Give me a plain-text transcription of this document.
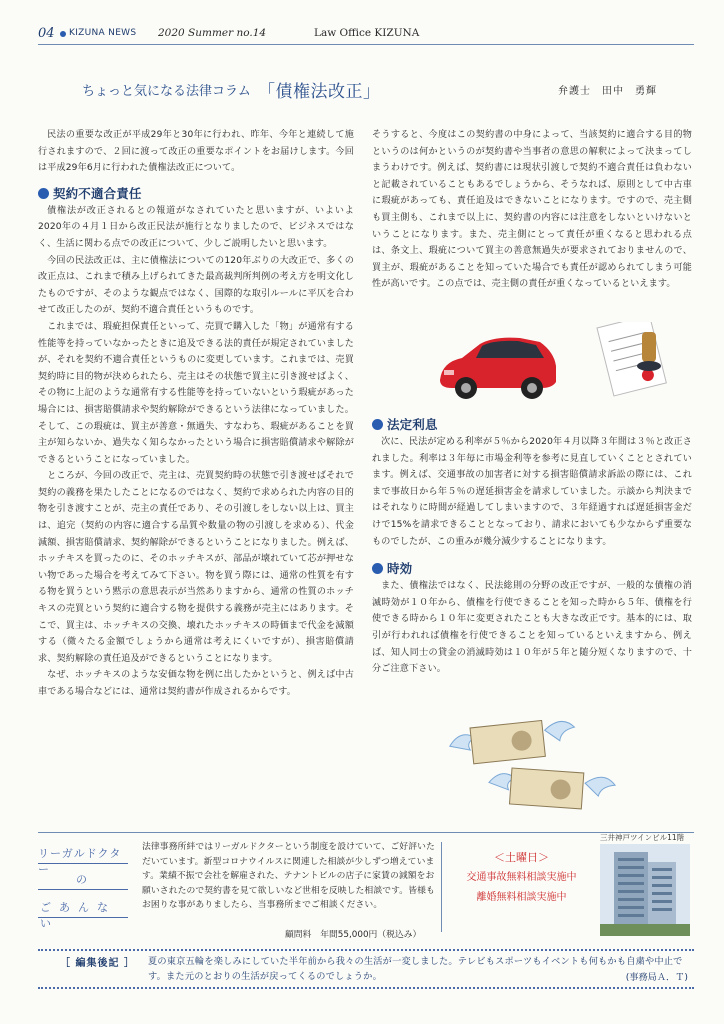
04 KIZUNA NEWS 2020 Summer no.14	Law Office KIZUNA
ちょっと気になる法律コラム 「債権法改正」	弁護士　田中　勇輝

民法の重要な改正が平成29年と30年に行われ、昨年、今年と連続して施行されますので、２回に渡って改正の重要なポイントをお届けします。今回は平成29年6月に行われた債権法改正について。

契約不適合責任

債権法が改正されるとの報道がなされていたと思いますが、いよいよ2020年の４月１日から改正民法が施行となりましたので、ビジネスではなく、生活に関わる点での改正について、少しご説明したいと思います。

今回の民法改正は、主に債権法についての120年ぶりの大改正で、多くの改正点は、これまで積み上げられてきた最高裁判所判例の考え方を明文化したものですが、そのような観点ではなく、国際的な取引ルールに平仄を合わせて改正したのが、契約不適合責任というものです。

これまでは、瑕疵担保責任といって、売買で購入した「物」が通常有する性能等を持っていなかったときに追及できる法的責任が規定されていましたが、それを契約不適合責任というものに変更しています。これまでは、売買契約時に目的物が決められたら、売主はその状態で買主に引き渡せばよく、その物に上記のような通常有する性能等を持っていないという瑕疵があった場合には、損害賠償請求や契約解除ができるという法律になっていました。そして、この瑕疵は、買主が善意・無過失、すなわち、瑕疵があることを買主が知らないか、過失なく知らなかったという場合に損害賠償請求や解除ができるということになっていました。

ところが、今回の改正で、売主は、売買契約時の状態で引き渡せばそれで契約の義務を果たしたことになるのではなく、契約で求められた内容の目的物を引き渡すことが、売主の責任であり、その引渡しをしない以上は、買主は、追完（契約の内容に適合する品質や数量の物の引渡しを求める）、代金減額、損害賠償請求、契約解除ができるということになりました。例えば、ホッチキスを買ったのに、そのホッチキスが、部品が壊れていて芯が押せない物であった場合を考えてみて下さい。物を買う際には、通常の性質を有する物を買うという黙示の意思表示が当然ありますから、通常の性質のホッチキスの売買という契約に適合する物を提供する義務が売主にはあります。そこで、買主は、ホッチキスの交換、壊れたホッチキスの時価まで代金を減額する（微々たる金額でしょうから通常は考えにくいですが）、損害賠償請求、契約解除の責任追及ができるということになります。

なぜ、ホッチキスのような安価な物を例に出したかというと、例えば中古車である場合などには、通常は契約書が作成されるからです。

そうすると、今度はこの契約書の中身によって、当該契約に適合する目的物というのは何かというのが契約書や当事者の意思の解釈によって決まってしまうわけです。例えば、契約書には現状引渡しで契約不適合責任は負わないと記載されていることもあるでしょうから、そうなれば、原則として中古車に瑕疵があっても、責任追及はできないことになります。ですので、売主側も買主側も、これまで以上に、契約書の内容には注意をしないといけないということになります。また、売主側にとって責任が重くなると思われる点は、条文上、瑕疵について買主の善意無過失が要求されておりませんので、買主が、瑕疵があることを知っていた場合でも責任が認められてしまう可能性が高いです。この点では、売主側の責任が重くなっているといえます。

法定利息

次に、民法が定める利率が５％から2020年４月以降３年間は３％と改正されました。利率は３年毎に市場金利等を参考に見直していくこととされています。例えば、交通事故の加害者に対する損害賠償請求訴訟の際には、これまで事故日から年５％の遅延損害金を請求していました。示談から判決まではそれなりに時間が経過してしまいますので、３年経過すれば遅延損害金だけで15%を請求できることとなっており、請求においても少なからず重要なものでしたが、この重みが幾分減少することになります。

時効

また、債権法ではなく、民法総則の分野の改正ですが、一般的な債権の消滅時効が１０年から、債権を行使できることを知った時から５年、債権を行使できる時から１０年に変更されたことも大きな改正です。基本的には、取引が行われれば債権を行使できることを知っているといえますから、例えば、知人同士の貸金の消滅時効は１０年が５年と随分短くなりますので、十分ご注意下さい。

リーガルドクター
の
ごあんない
法律事務所絆ではリーガルドクターという制度を設けていて、ご好評いただいています。新型コロナウイルスに関連した相談が少しずつ増えています。業績不振で会社を解雇された、テナントビルの店子に家賃の減額をお願いされたので契約書を見て欲しいなど世相を反映した相談です。皆様もお困りな事がありましたら、当事務所までご相談ください。
顧問料　年間55,000円（税込み）
＜土曜日＞
交通事故無料相談実施中
離婚無料相談実施中
三井神戸ツインビル11階
［ 編集後記 ］ 夏の東京五輪を楽しみにしていた半年前から我々の生活が一変しました。テレビもスポーツもイベントも何もかも自粛や中止です。また元のとおりの生活が戻ってくるのでしょうか。	(事務局Ａ．Ｔ)
